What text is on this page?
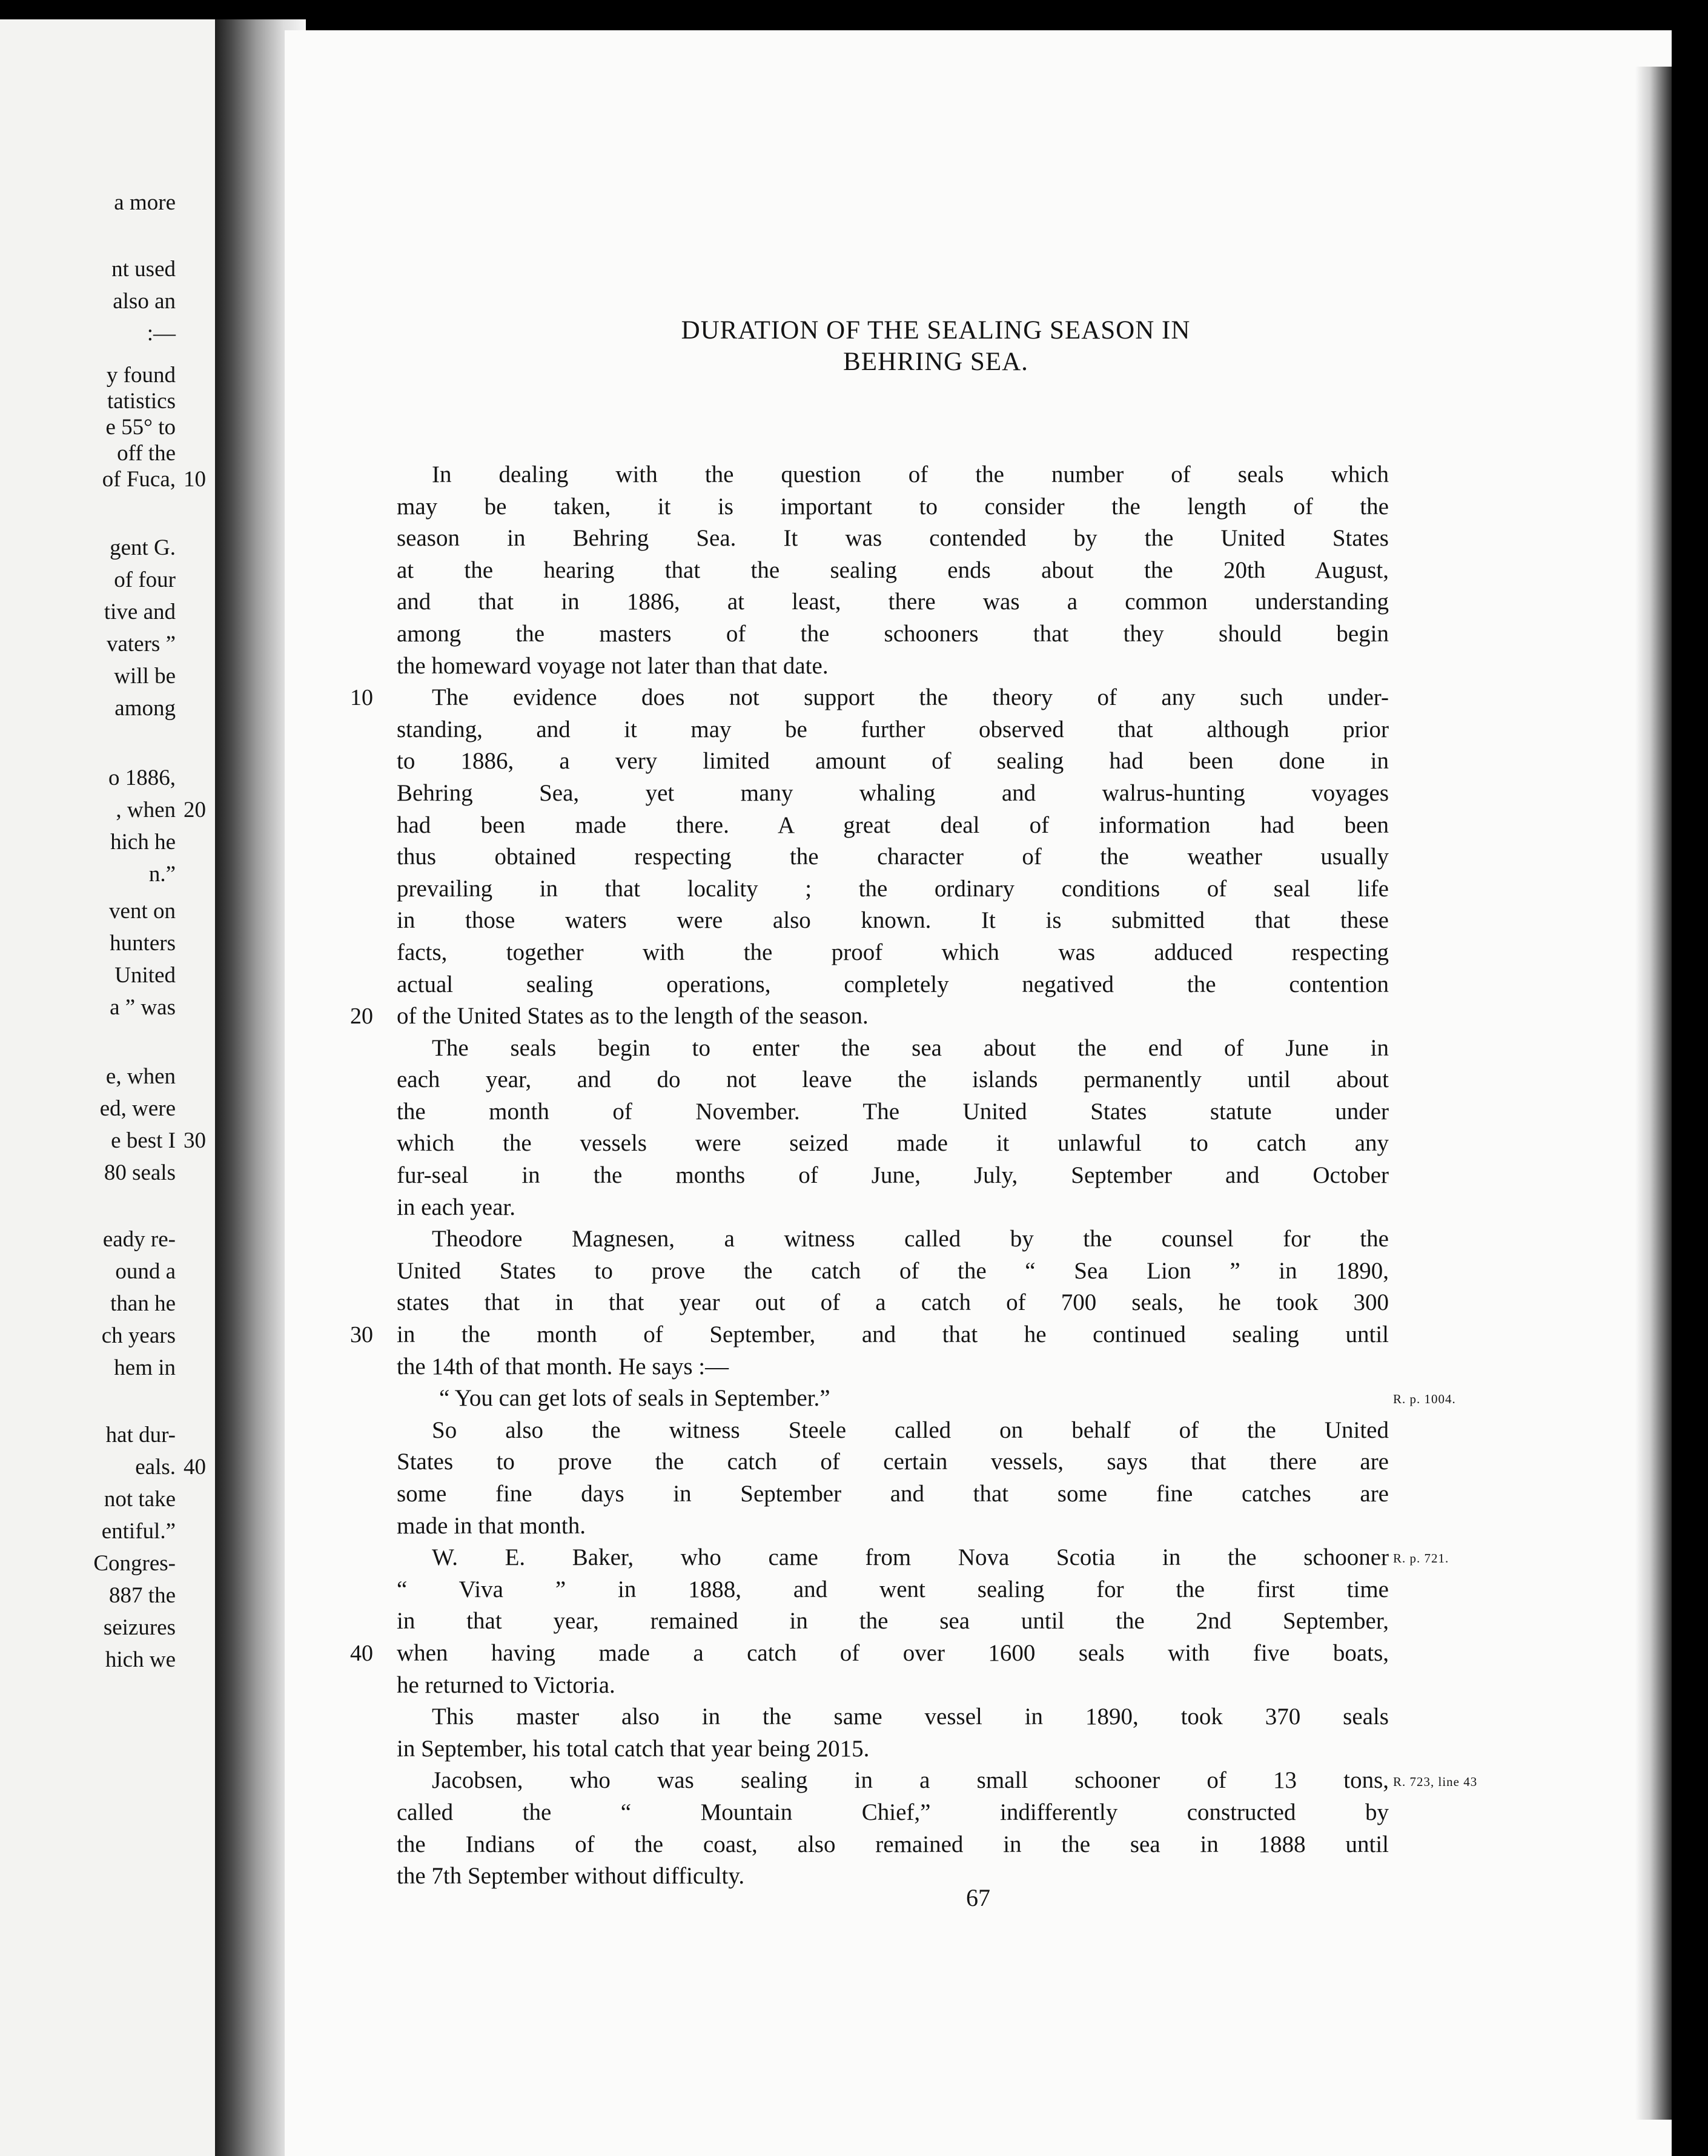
a more
nt used
also an
:—
y found
tatistics
e 55° to
off the
of Fuca,
gent G.
of four
tive and
vaters ”
will be
among
o 1886,
, when
hich he
n.”
vent on
hunters
United
a ” was
e, when
ed, were
e best I
80 seals
eady re-
ound a
than he
ch years
hem in
hat dur-
eals.
not take
entiful.”
Congres-
887 the
seizures
hich we
10
20
30
40
DURATION OF THE SEALING SEASON IN
BEHRING SEA.
In dealing with the question of the number of seals which
may be taken, it is important to consider the length of the
season in Behring Sea. It was contended by the United States
at the hearing that the sealing ends about the 20th August,
and that in 1886, at least, there was a common understanding
among the masters of the schooners that they should begin
the homeward voyage not later than that date.
The evidence does not support the theory of any such under-
standing, and it may be further observed that although prior
to 1886, a very limited amount of sealing had been done in
Behring Sea, yet many whaling and walrus-hunting voyages
had been made there. A great deal of information had been
thus obtained respecting the character of the weather usually
prevailing in that locality ; the ordinary conditions of seal life
in those waters were also known. It is submitted that these
facts, together with the proof which was adduced respecting
actual sealing operations, completely negatived the contention
of the United States as to the length of the season.
The seals begin to enter the sea about the end of June in
each year, and do not leave the islands permanently until about
the month of November. The United States statute under
which the vessels were seized made it unlawful to catch any
fur-seal in the months of June, July, September and October
in each year.
Theodore Magnesen, a witness called by the counsel for the
United States to prove the catch of the “ Sea Lion ” in 1890,
states that in that year out of a catch of 700 seals, he took 300
in the month of September, and that he continued sealing until
the 14th of that month. He says :—
“ You can get lots of seals in September.”
So also the witness Steele called on behalf of the United
States to prove the catch of certain vessels, says that there are
some fine days in September and that some fine catches are
made in that month.
W. E. Baker, who came from Nova Scotia in the schooner
“ Viva ” in 1888, and went sealing for the first time
in that year, remained in the sea until the 2nd September,
when having made a catch of over 1600 seals with five boats,
he returned to Victoria.
This master also in the same vessel in 1890, took 370 seals
in September, his total catch that year being 2015.
Jacobsen, who was sealing in a small schooner of 13 tons,
called the “ Mountain Chief,” indifferently constructed by
the Indians of the coast, also remained in the sea in 1888 until
the 7th September without difficulty.
67
10
20
30
R. p. 1004.
R. p. 721.
40
R. 723, line 43
